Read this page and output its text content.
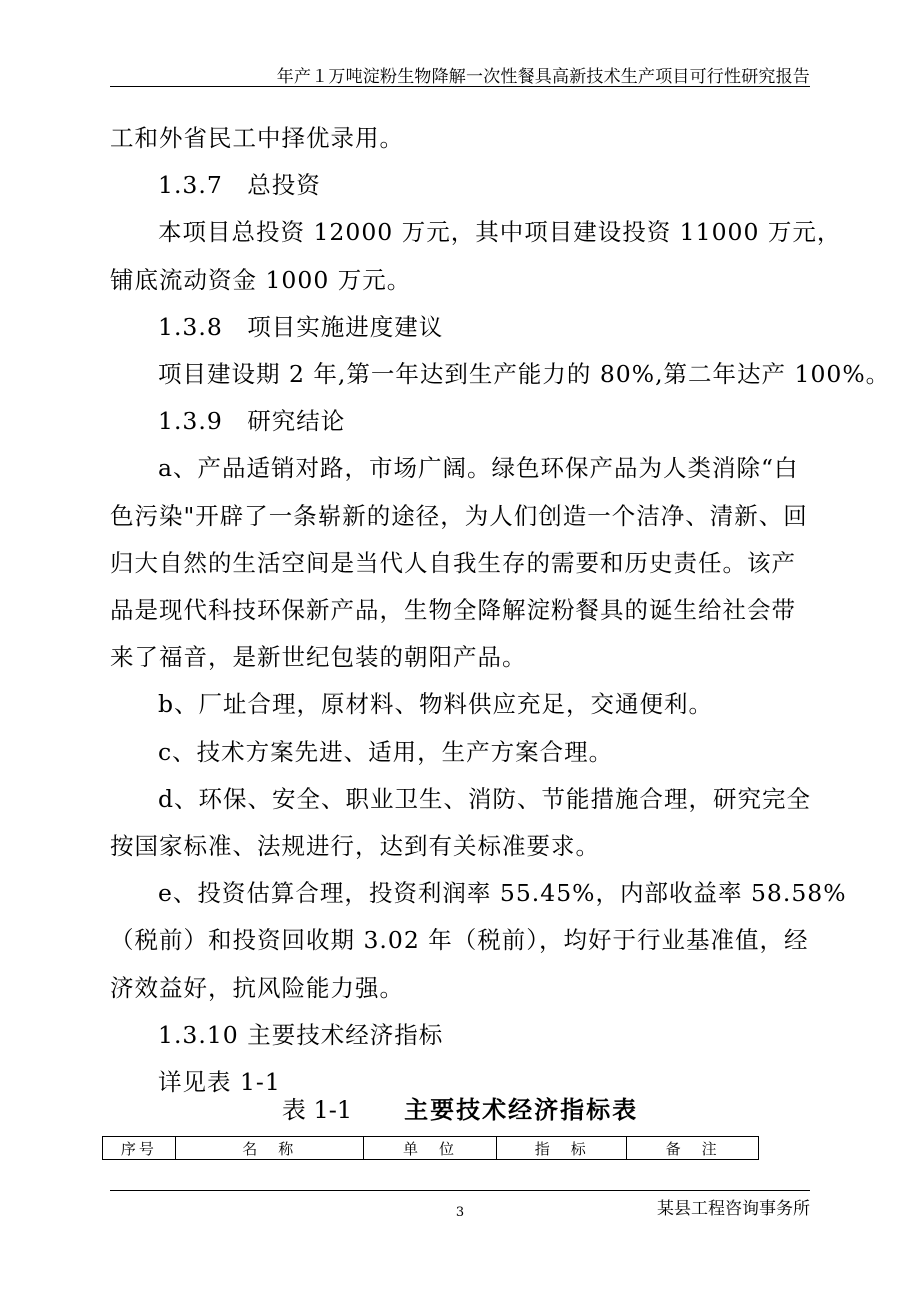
年产１万吨淀粉生物降解一次性餐具高新技术生产项目可行性研究报告

工和外省民工中择优录用。

1.3.7　总投资

本项目总投资 12000 万元，其中项目建设投资 11000 万元，

铺底流动资金 1000 万元。

1.3.8　项目实施进度建议

项目建设期 2 年,第一年达到生产能力的 80%,第二年达产 100%。

1.3.9　研究结论

a、产品适销对路，市场广阔。绿色环保产品为人类消除“白

色污染"开辟了一条崭新的途径，为人们创造一个洁净、清新、回

归大自然的生活空间是当代人自我生存的需要和历史责任。该产

品是现代科技环保新产品，生物全降解淀粉餐具的诞生给社会带

来了福音，是新世纪包装的朝阳产品。

b、厂址合理，原材料、物料供应充足，交通便利。

c、技术方案先进、适用，生产方案合理。

d、环保、安全、职业卫生、消防、节能措施合理，研究完全

按国家标准、法规进行，达到有关标准要求。

e、投资估算合理，投资利润率 55.45%，内部收益率 58.58%

（税前）和投资回收期 3.02 年（税前），均好于行业基准值，经

济效益好，抗风险能力强。

1.3.10 主要技术经济指标

详见表 1-1

表 1-1 主要技术经济指标表
序号	名　称	单　位	指　标	备　注
3	某县工程咨询事务所
